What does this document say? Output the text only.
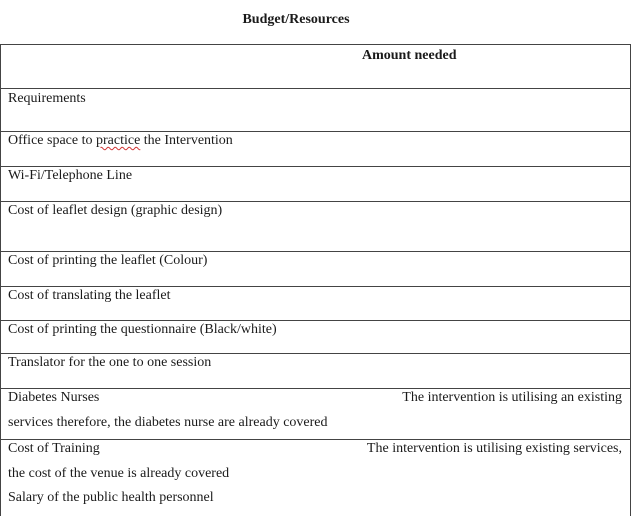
Budget/Resources
Amount needed
Requirements
Office space to practice the Intervention
Wi-Fi/Telephone Line
Cost of leaflet design (graphic design)
Cost of printing the leaflet (Colour)
Cost of translating the leaflet
Cost of printing the questionnaire (Black/white)
Translator for the one to one session
Diabetes Nurses	The intervention is utilising an existing
services therefore, the diabetes nurse are already covered
Cost of Training	The intervention is utilising existing services,
the cost of the venue is already covered
Salary of the public health personnel
